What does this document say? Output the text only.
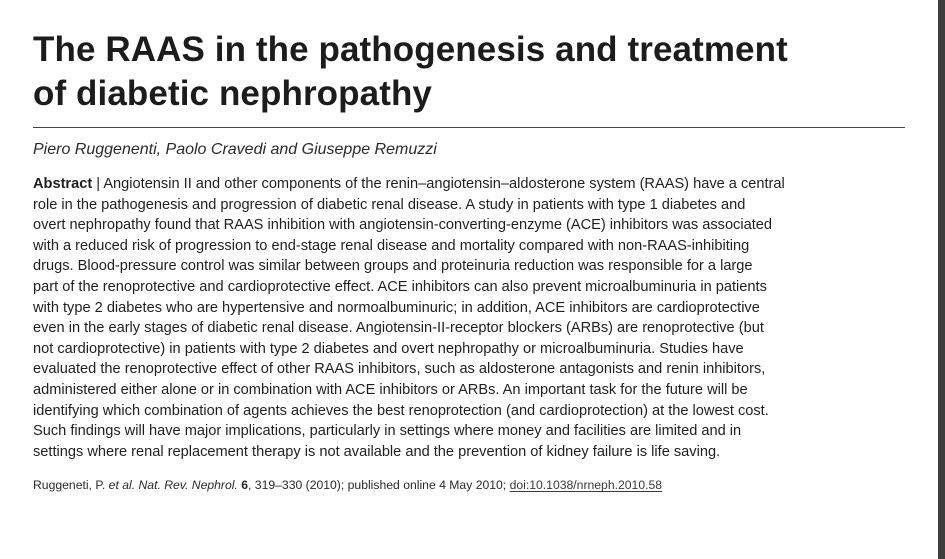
The RAAS in the pathogenesis and treatment
of diabetic nephropathy
Piero Ruggenenti, Paolo Cravedi and Giuseppe Remuzzi
Abstract | Angiotensin II and other components of the renin–angiotensin–aldosterone system (RAAS) have a central
role in the pathogenesis and progression of diabetic renal disease. A study in patients with type 1 diabetes and
overt nephropathy found that RAAS inhibition with angiotensin-converting-enzyme (ACE) inhibitors was associated
with a reduced risk of progression to end-stage renal disease and mortality compared with non-RAAS-inhibiting
drugs. Blood-pressure control was similar between groups and proteinuria reduction was responsible for a large
part of the renoprotective and cardioprotective effect. ACE inhibitors can also prevent microalbuminuria in patients
with type 2 diabetes who are hypertensive and normoalbuminuric; in addition, ACE inhibitors are cardioprotective
even in the early stages of diabetic renal disease. Angiotensin-II-receptor blockers (ARBs) are renoprotective (but
not cardioprotective) in patients with type 2 diabetes and overt nephropathy or microalbuminuria. Studies have
evaluated the renoprotective effect of other RAAS inhibitors, such as aldosterone antagonists and renin inhibitors,
administered either alone or in combination with ACE inhibitors or ARBs. An important task for the future will be
identifying which combination of agents achieves the best renoprotection (and cardioprotection) at the lowest cost.
Such findings will have major implications, particularly in settings where money and facilities are limited and in
settings where renal replacement therapy is not available and the prevention of kidney failure is life saving.
Ruggeneti, P. et al. Nat. Rev. Nephrol. 6, 319–330 (2010); published online 4 May 2010; doi:10.1038/nrneph.2010.58
